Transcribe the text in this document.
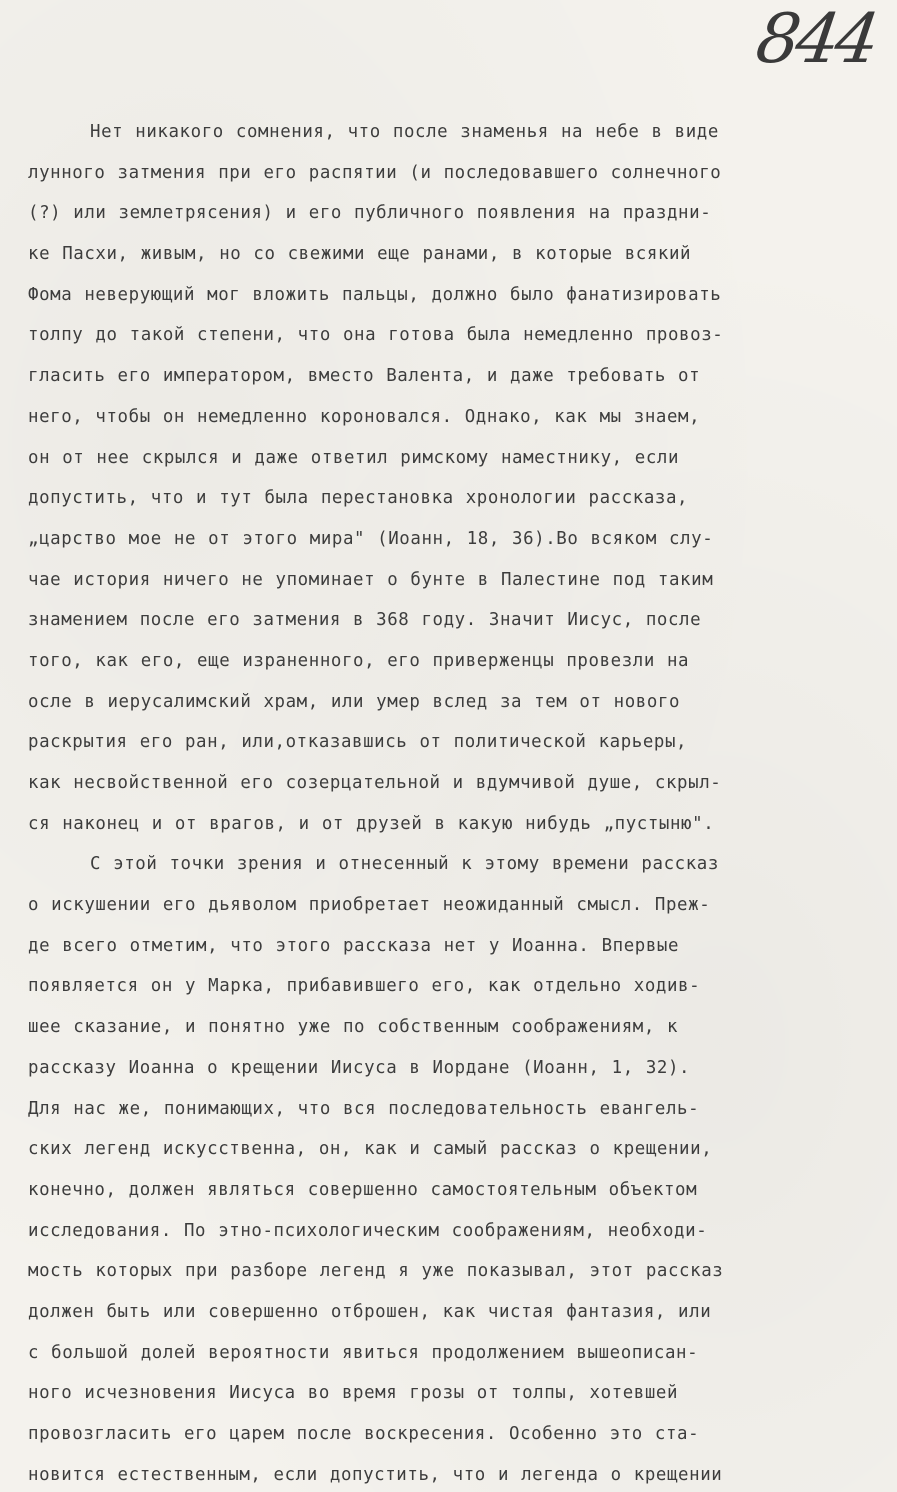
844
Нет никакого сомнения, что после знаменья на небе в виде
лунного затмения при его распятии (и последовавшего солнечного
(?) или землетрясения) и его публичного появления на праздни-
ке Пасхи, живым, но со свежими еще ранами, в которые всякий
Фома неверующий мог вложить пальцы, должно было фанатизировать
толпу до такой степени, что она готова была немедленно провоз-
гласить его императором, вместо Валента, и даже требовать от
него, чтобы он немедленно короновался. Однако, как мы знаем,
он от нее скрылся и даже ответил римскому наместнику, если
допустить, что и тут была перестановка хронологии рассказа,
„царство мое не от этого мира" (Иоанн, 18, 36).Во всяком слу-
чае история ничего не упоминает о бунте в Палестине под таким
знамением после его затмения в 368 году. Значит Иисус, после
того, как его, еще израненного, его приверженцы провезли на
осле в иерусалимский храм, или умер вслед за тем от нового
раскрытия его ран, или,отказавшись от политической карьеры,
как несвойственной его созерцательной и вдумчивой душе, скрыл-
ся наконец и от врагов, и от друзей в какую нибудь „пустыню".
С этой точки зрения и отнесенный к этому времени рассказ
о искушении его дьяволом приобретает неожиданный смысл. Преж-
де всего отметим, что этого рассказа нет у Иоанна. Впервые
появляется он у Марка, прибавившего его, как отдельно ходив-
шее сказание, и понятно уже по собственным соображениям, к
рассказу Иоанна о крещении Иисуса в Иордане (Иоанн, 1, 32).
Для нас же, понимающих, что вся последовательность евангель-
ских легенд искусственна, он, как и самый рассказ о крещении,
конечно, должен являться совершенно самостоятельным объектом
исследования. По этно-психологическим соображениям, необходи-
мость которых при разборе легенд я уже показывал, этот рассказ
должен быть или совершенно отброшен, как чистая фантазия, или
с большой долей вероятности явиться продолжением вышеописан-
ного исчезновения Иисуса во время грозы от толпы, хотевшей
провозгласить его царем после воскресения. Особенно это ста-
новится естественным, если допустить, что и легенда о крещении
